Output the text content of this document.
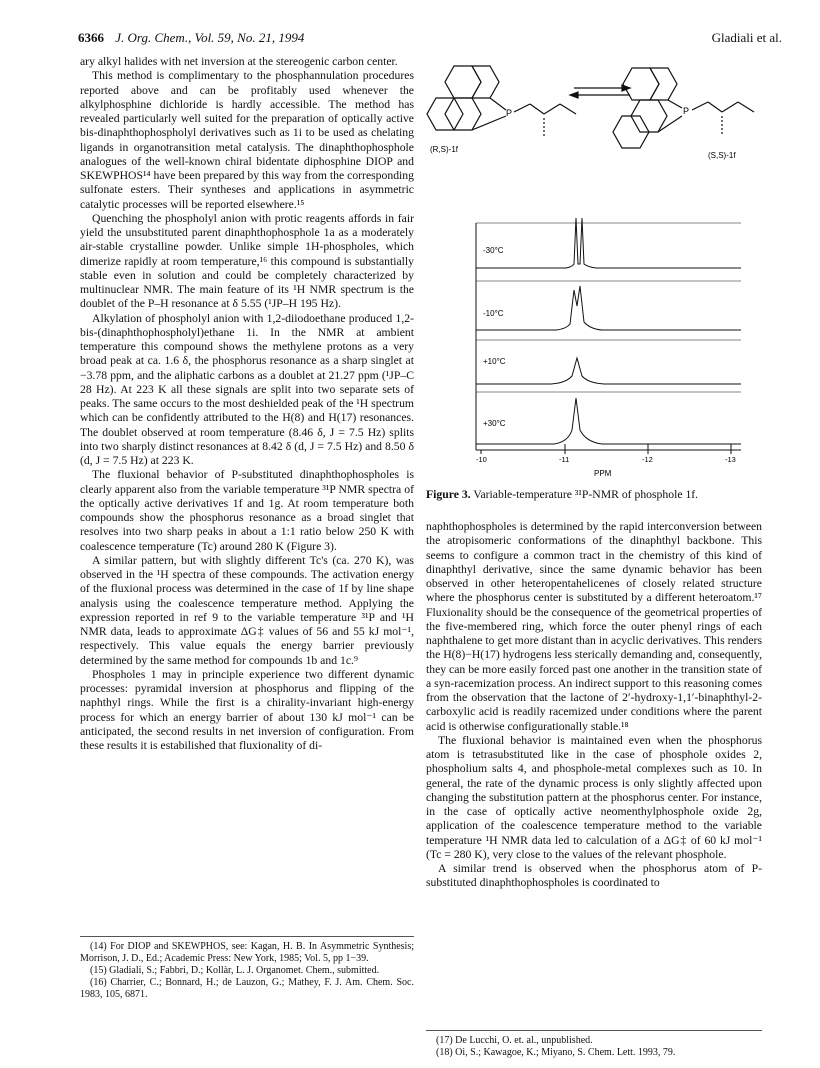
6366 J. Org. Chem., Vol. 59, No. 21, 1994	Gladiali et al.

ary alkyl halides with net inversion at the stereogenic carbon center.

This method is complimentary to the phosphannulation procedures reported above and can be profitably used whenever the alkylphosphine dichloride is hardly accessible. The method has revealed particularly well suited for the preparation of optically active bis-dinaphthophospholyl derivatives such as 1i to be used as chelating ligands in organotransition metal catalysis. The dinaphthophosphole analogues of the well-known chiral bidentate diphosphine DIOP and SKEWPHOS¹⁴ have been prepared by this way from the corresponding sulfonate esters. Their syntheses and applications in asymmetric catalytic processes will be reported elsewhere.¹⁵

Quenching the phospholyl anion with protic reagents affords in fair yield the unsubstituted parent dinaphthophosphole 1a as a moderately air-stable crystalline powder. Unlike simple 1H-phospholes, which dimerize rapidly at room temperature,¹⁶ this compound is substantially stable even in solution and could be completely characterized by multinuclear NMR. The main feature of its ¹H NMR spectrum is the doublet of the P–H resonance at δ 5.55 (¹JP–H 195 Hz).

Alkylation of phospholyl anion with 1,2-diiodoethane produced 1,2-bis-(dinaphthophospholyl)ethane 1i. In the NMR at ambient temperature this compound shows the methylene protons as a very broad peak at ca. 1.6 δ, the phosphorus resonance as a sharp singlet at −3.78 ppm, and the aliphatic carbons as a doublet at 21.27 ppm (¹JP–C 28 Hz). At 223 K all these signals are split into two separate sets of peaks. The same occurs to the most deshielded peak of the ¹H spectrum which can be confidently attributed to the H(8) and H(17) resonances. The doublet observed at room temperature (8.46 δ, J = 7.5 Hz) splits into two sharply distinct resonances at 8.42 δ (d, J = 7.5 Hz) and 8.50 δ (d, J = 7.5 Hz) at 223 K.

The fluxional behavior of P-substituted dinaphthophospholes is clearly apparent also from the variable temperature ³¹P NMR spectra of the optically active derivatives 1f and 1g. At room temperature both compounds show the phosphorus resonance as a broad singlet that resolves into two sharp peaks in about a 1:1 ratio below 250 K with coalescence temperature (Tc) around 280 K (Figure 3).

A similar pattern, but with slightly different Tc's (ca. 270 K), was observed in the ¹H spectra of these compounds. The activation energy of the fluxional process was determined in the case of 1f by line shape analysis using the coalescence temperature method. Applying the expression reported in ref 9 to the variable temperature ³¹P and ¹H NMR data, leads to approximate ΔG‡ values of 56 and 55 kJ mol⁻¹, respectively. This value equals the energy barrier previously determined by the same method for compounds 1b and 1c.⁹

Phospholes 1 may in principle experience two different dynamic processes: pyramidal inversion at phosphorus and flipping of the naphthyl rings. While the first is a chirality-invariant high-energy process for which an energy barrier of about 130 kJ mol⁻¹ can be anticipated, the second results in net inversion of configuration. From these results it is estabilished that fluxionality of di-

P	P
(R,S)-1f
(S,S)-1f
-30°C
-10°C
+10°C
+30°C
-10	-11	-12	-13
PPM
Figure 3. Variable-temperature ³¹P-NMR of phosphole 1f.

naphthophospholes is determined by the rapid interconversion between the atropisomeric conformations of the dinaphthyl backbone. This seems to configure a common tract in the chemistry of this kind of dinaphthyl derivative, since the same dynamic behavior has been observed in other heteropentahelicenes of closely related structure where the phosphorus center is substituted by a different heteroatom.¹⁷ Fluxionality should be the consequence of the geometrical properties of the five-membered ring, which force the outer phenyl rings of each naphthalene to get more distant than in acyclic derivatives. This renders the H(8)−H(17) hydrogens less sterically demanding and, consequently, they can be more easily forced past one another in the transition state of a syn-racemization process. An indirect support to this reasoning comes from the observation that the lactone of 2′-hydroxy-1,1′-binaphthyl-2-carboxylic acid is readily racemized under conditions where the parent acid is otherwise configurationally stable.¹⁸

The fluxional behavior is maintained even when the phosphorus atom is tetrasubstituted like in the case of phosphole oxides 2, phospholium salts 4, and phosphole-metal complexes such as 10. In general, the rate of the dynamic process is only slightly affected upon changing the substitution pattern at the phosphorus center. For instance, in the case of optically active neomenthylphosphole oxide 2g, application of the coalescence temperature method to the variable temperature ¹H NMR data led to calculation of a ΔG‡ of 60 kJ mol⁻¹ (Tc = 280 K), very close to the values of the relevant phosphole.

A similar trend is observed when the phosphorus atom of P-substituted dinaphthophospholes is coordinated to

(14) For DIOP and SKEWPHOS, see: Kagan, H. B. In Asymmetric Synthesis; Morrison, J. D., Ed.; Academic Press: New York, 1985; Vol. 5, pp 1−39.

(15) Gladiali, S.; Fabbri, D.; Kollàr, L. J. Organomet. Chem., submitted.

(16) Charrier, C.; Bonnard, H.; de Lauzon, G.; Mathey, F. J. Am. Chem. Soc. 1983, 105, 6871.

(17) De Lucchi, O. et. al., unpublished.

(18) Oi, S.; Kawagoe, K.; Miyano, S. Chem. Lett. 1993, 79.
